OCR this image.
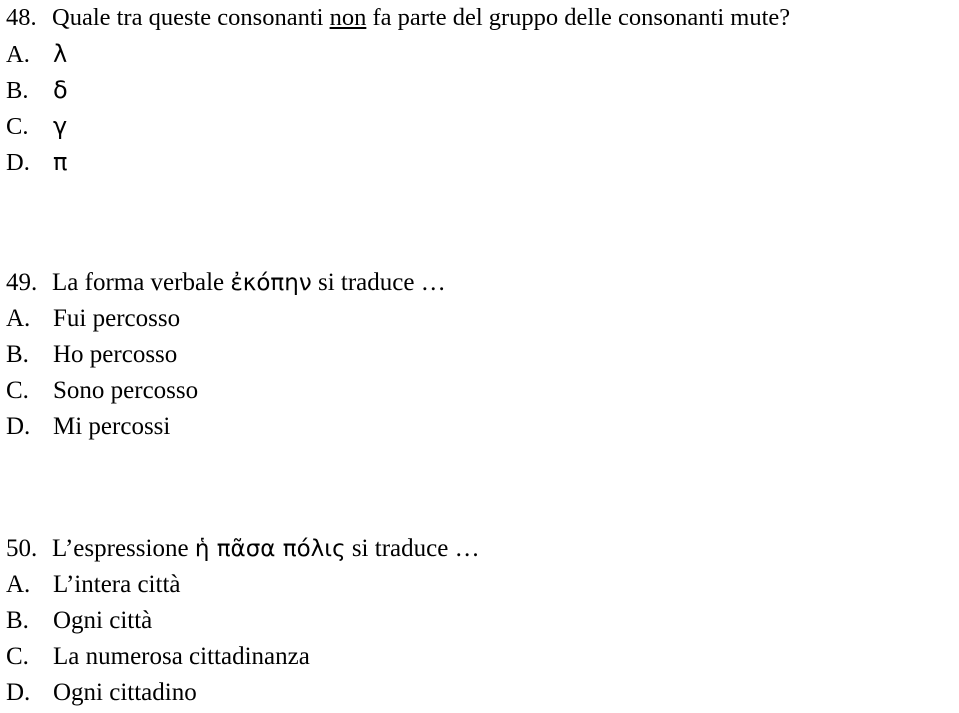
48. Quale tra queste consonanti non fa parte del gruppo delle consonanti mute?
A. λ
B. δ
C. γ
D. π
49. La forma verbale ἐκόπην si traduce …
A. Fui percosso
B. Ho percosso
C. Sono percosso
D. Mi percossi
50. L’espressione ἡ πᾶσα πόλις si traduce …
A. L’intera città
B. Ogni città
C. La numerosa cittadinanza
D. Ogni cittadino
